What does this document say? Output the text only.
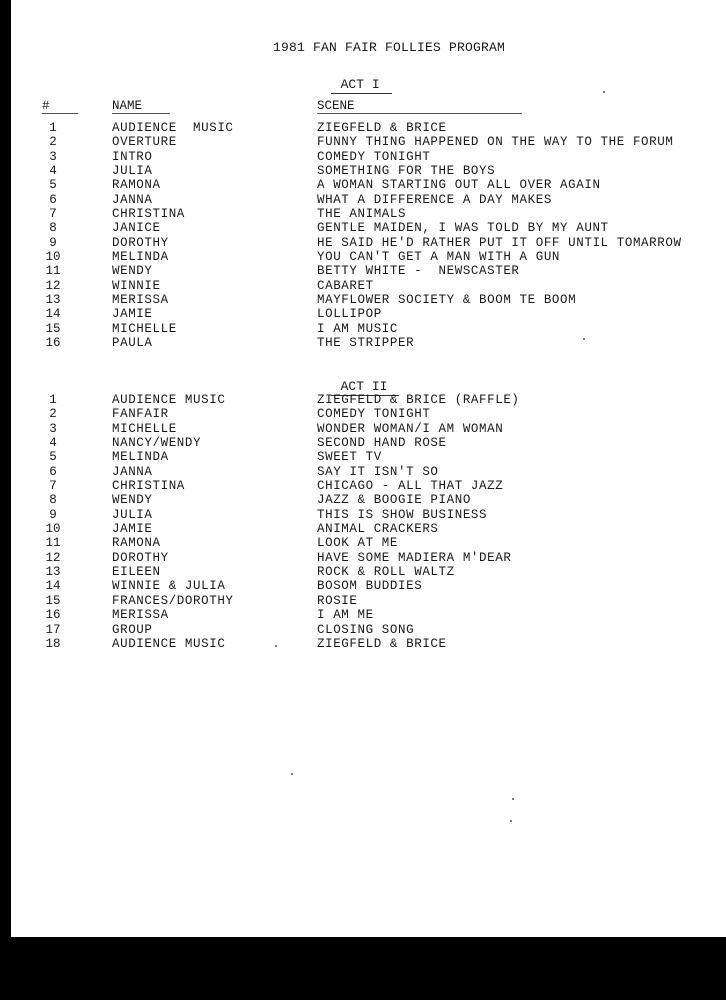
1981 FAN FAIR FOLLIES PROGRAM

ACT I

#	NAME	SCENE
1	AUDIENCE  MUSIC	ZIEGFELD & BRICE
2	OVERTURE	FUNNY THING HAPPENED ON THE WAY TO THE FORUM
3	INTRO	COMEDY TONIGHT
4	JULIA	SOMETHING FOR THE BOYS
5	RAMONA	A WOMAN STARTING OUT ALL OVER AGAIN
6	JANNA	WHAT A DIFFERENCE A DAY MAKES
7	CHRISTINA	THE ANIMALS
8	JANICE	GENTLE MAIDEN, I WAS TOLD BY MY AUNT
9	DOROTHY	HE SAID HE'D RATHER PUT IT OFF UNTIL TOMARROW
10	MELINDA	YOU CAN'T GET A MAN WITH A GUN
11	WENDY	BETTY WHITE -  NEWSCASTER
12	WINNIE	CABARET
13	MERISSA	MAYFLOWER SOCIETY & BOOM TE BOOM
14	JAMIE	LOLLIPOP
15	MICHELLE	I AM MUSIC
16	PAULA	THE STRIPPER

ACT II

1	AUDIENCE MUSIC	ZIEGFELD & BRICE (RAFFLE)
2	FANFAIR	COMEDY TONIGHT
3	MICHELLE	WONDER WOMAN/I AM WOMAN
4	NANCY/WENDY	SECOND HAND ROSE
5	MELINDA	SWEET TV
6	JANNA	SAY IT ISN'T SO
7	CHRISTINA	CHICAGO - ALL THAT JAZZ
8	WENDY	JAZZ & BOOGIE PIANO
9	JULIA	THIS IS SHOW BUSINESS
10	JAMIE	ANIMAL CRACKERS
11	RAMONA	LOOK AT ME
12	DOROTHY	HAVE SOME MADIERA M'DEAR
13	EILEEN	ROCK & ROLL WALTZ
14	WINNIE & JULIA	BOSOM BUDDIES
15	FRANCES/DOROTHY	ROSIE
16	MERISSA	I AM ME
17	GROUP	CLOSING SONG
18	AUDIENCE MUSIC	ZIEGFELD & BRICE
